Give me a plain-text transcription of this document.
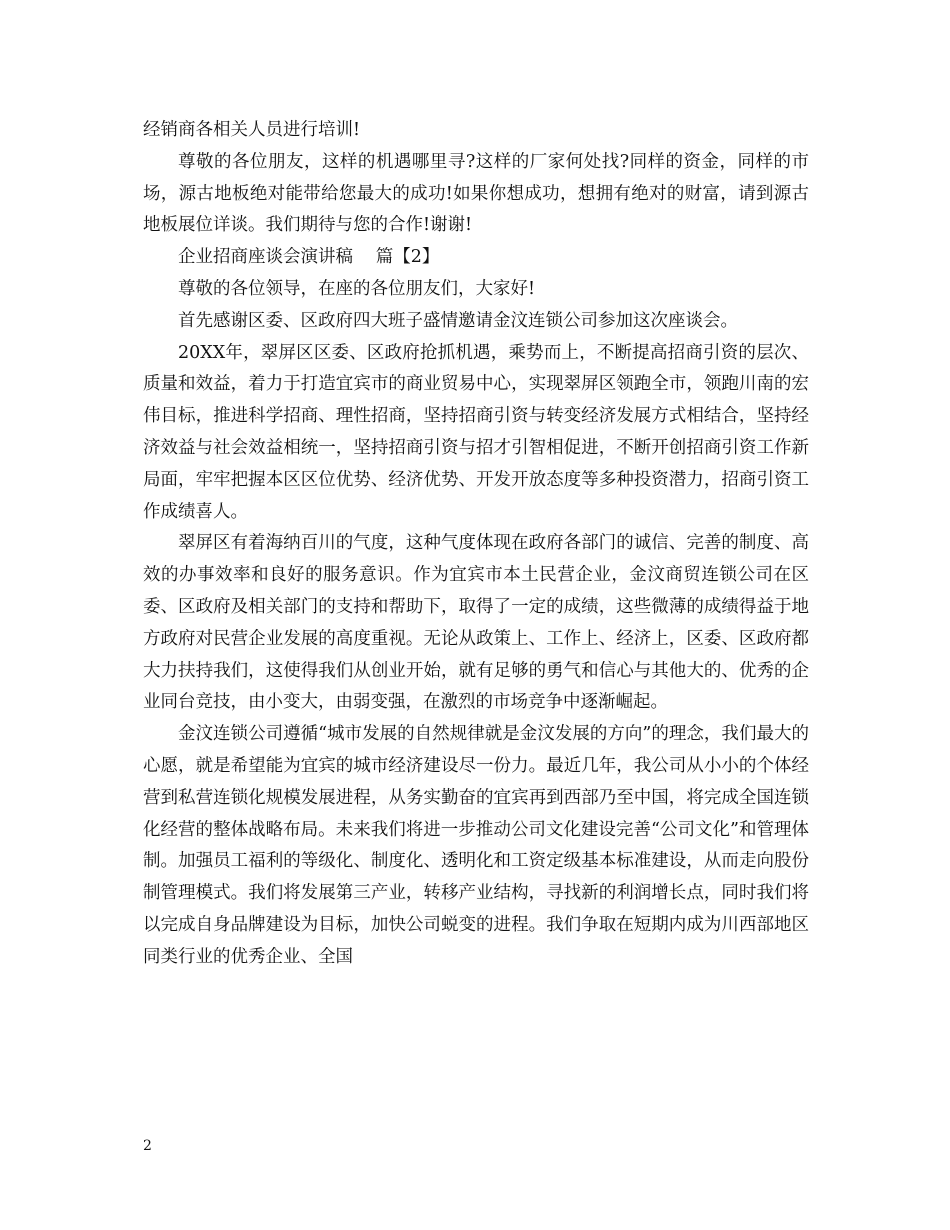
经销商各相关人员进行培训!

尊敬的各位朋友，这样的机遇哪里寻?这样的厂家何处找?同样的资金，同样的市场，源古地板绝对能带给您最大的成功!如果你想成功，想拥有绝对的财富，请到源古地板展位详谈。我们期待与您的合作!谢谢!

企业招商座谈会演讲稿 篇【2】

尊敬的各位领导，在座的各位朋友们，大家好!

首先感谢区委、区政府四大班子盛情邀请金汶连锁公司参加这次座谈会。

20XX年，翠屏区区委、区政府抢抓机遇，乘势而上，不断提高招商引资的层次、质量和效益，着力于打造宜宾市的商业贸易中心，实现翠屏区领跑全市，领跑川南的宏伟目标，推进科学招商、理性招商，坚持招商引资与转变经济发展方式相结合，坚持经济效益与社会效益相统一，坚持招商引资与招才引智相促进，不断开创招商引资工作新局面，牢牢把握本区区位优势、经济优势、开发开放态度等多种投资潜力，招商引资工作成绩喜人。

翠屏区有着海纳百川的气度，这种气度体现在政府各部门的诚信、完善的制度、高效的办事效率和良好的服务意识。作为宜宾市本土民营企业，金汶商贸连锁公司在区委、区政府及相关部门的支持和帮助下，取得了一定的成绩，这些微薄的成绩得益于地方政府对民营企业发展的高度重视。无论从政策上、工作上、经济上，区委、区政府都大力扶持我们，这使得我们从创业开始，就有足够的勇气和信心与其他大的、优秀的企业同台竞技，由小变大，由弱变强，在激烈的市场竞争中逐渐崛起。

金汶连锁公司遵循“城市发展的自然规律就是金汶发展的方向”的理念，我们最大的心愿，就是希望能为宜宾的城市经济建设尽一份力。最近几年，我公司从小小的个体经营到私营连锁化规模发展进程，从务实勤奋的宜宾再到西部乃至中国，将完成全国连锁化经营的整体战略布局。未来我们将进一步推动公司文化建设完善“公司文化”和管理体制。加强员工福利的等级化、制度化、透明化和工资定级基本标准建设，从而走向股份制管理模式。我们将发展第三产业，转移产业结构，寻找新的利润增长点，同时我们将以完成自身品牌建设为目标，加快公司蜕变的进程。我们争取在短期内成为川西部地区同类行业的优秀企业、全国

2
